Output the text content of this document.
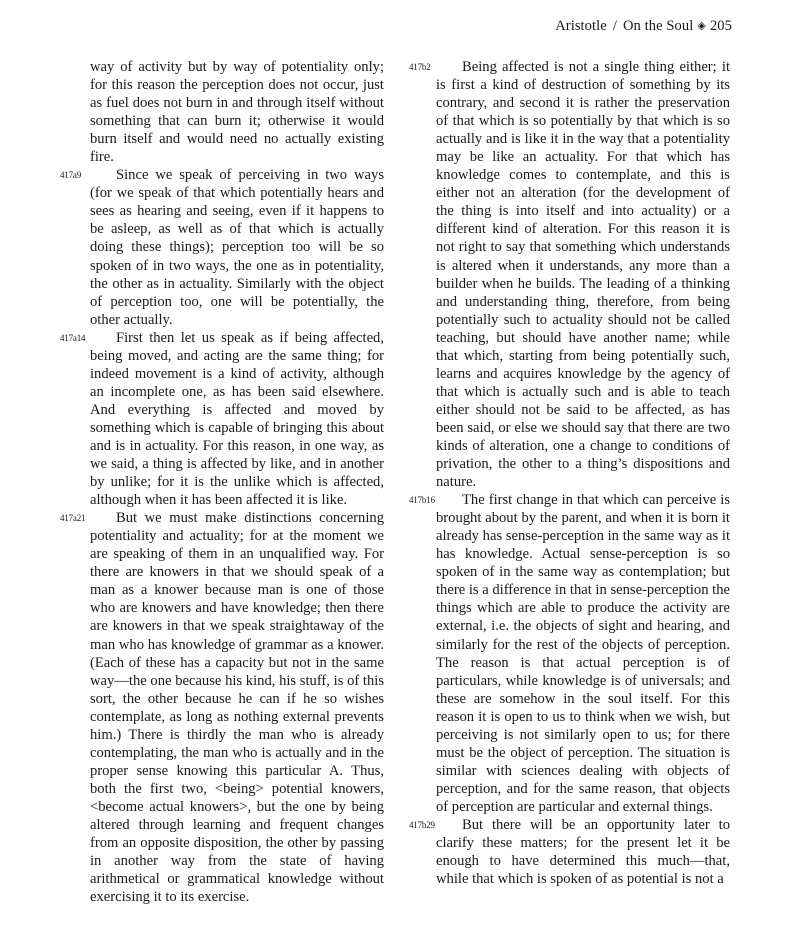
Aristotle / On the Soul ◈ 205

way of activity but by way of potentiality only; for this reason the perception does not occur, just as fuel does not burn in and through itself without something that can burn it; otherwise it would burn itself and would need no actually existing fire.

417a9 Since we speak of perceiving in two ways (for we speak of that which potentially hears and sees as hearing and seeing, even if it happens to be asleep, as well as of that which is actually doing these things); perception too will be so spoken of in two ways, the one as in potentiality, the other as in actuality. Similarly with the object of perception too, one will be potentially, the other actually.

417a14 First then let us speak as if being affected, being moved, and acting are the same thing; for indeed movement is a kind of activity, although an incomplete one, as has been said elsewhere. And everything is affected and moved by something which is capable of bringing this about and is in actuality. For this reason, in one way, as we said, a thing is affected by like, and in another by unlike; for it is the unlike which is affected, although when it has been affected it is like.

417a21 But we must make distinctions concerning potentiality and actuality; for at the moment we are speaking of them in an unqualified way. For there are knowers in that we should speak of a man as a knower because man is one of those who are knowers and have knowledge; then there are knowers in that we speak straightaway of the man who has knowledge of grammar as a knower. (Each of these has a capacity but not in the same way—the one because his kind, his stuff, is of this sort, the other because he can if he so wishes contemplate, as long as nothing external prevents him.) There is thirdly the man who is already contemplating, the man who is actually and in the proper sense knowing this particular A. Thus, both the first two, <being> potential knowers, <become actual knowers>, but the one by being altered through learning and frequent changes from an opposite disposition, the other by passing in another way from the state of having arithmetical or grammatical knowledge without exercising it to its exercise.

417b2 Being affected is not a single thing either; it is first a kind of destruction of something by its contrary, and second it is rather the preservation of that which is so potentially by that which is so actually and is like it in the way that a potentiality may be like an actuality. For that which has knowledge comes to contemplate, and this is either not an alteration (for the development of the thing is into itself and into actuality) or a different kind of alteration. For this reason it is not right to say that something which understands is altered when it understands, any more than a builder when he builds. The leading of a thinking and understanding thing, therefore, from being potentially such to actuality should not be called teaching, but should have another name; while that which, starting from being potentially such, learns and acquires knowledge by the agency of that which is actually such and is able to teach either should not be said to be affected, as has been said, or else we should say that there are two kinds of alteration, one a change to conditions of privation, the other to a thing’s dispositions and nature.

417b16 The first change in that which can perceive is brought about by the parent, and when it is born it already has sense-perception in the same way as it has knowledge. Actual sense-perception is so spoken of in the same way as contemplation; but there is a difference in that in sense-perception the things which are able to produce the activity are external, i.e. the objects of sight and hearing, and similarly for the rest of the objects of perception. The reason is that actual perception is of particulars, while knowledge is of universals; and these are somehow in the soul itself. For this reason it is open to us to think when we wish, but perceiving is not similarly open to us; for there must be the object of perception. The situation is similar with sciences dealing with objects of perception, and for the same reason, that objects of perception are particular and external things.

417b29 But there will be an opportunity later to clarify these matters; for the present let it be enough to have determined this much—that, while that which is spoken of as potential is not a
